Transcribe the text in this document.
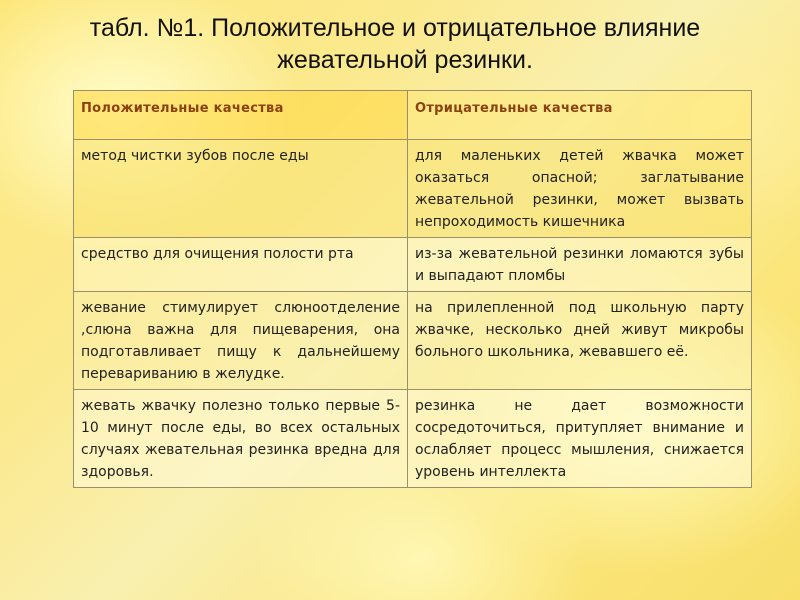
табл. №1. Положительное и отрицательное влияние
жевательной резинки.
Положительные качества	Отрицательные качества
метод чистки зубов после еды	для маленьких детей жвачка может оказаться опасной; заглатывание жевательной резинки, может вызвать непроходимость кишечника
средство для очищения полости рта	из-за жевательной резинки ломаются зубы и выпадают пломбы
жевание стимулирует слюноотделение ,слюна важна для пищеварения, она подготавливает пищу к дальнейшему перевариванию в желудке.	на прилепленной под школьную парту жвачке, несколько дней живут микробы больного школьника, жевавшего её.
жевать жвачку полезно только первые 5-10 минут после еды, во всех остальных случаях жевательная резинка вредна для здоровья.	резинка не дает возможности сосредоточиться, притупляет внимание и ослабляет процесс мышления, снижается уровень интеллекта
